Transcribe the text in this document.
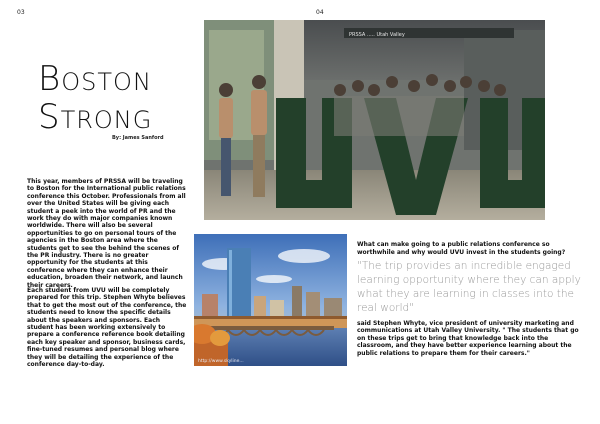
03	04
Boston
Strong
By: James Sanford
This year, members of PRSSA will be traveling to Boston for the International public relations conference this October. Professionals from all over the United States will be giving each student a peek into the world of PR and the work they do with major companies known worldwide. There will also be several opportunities to go on personal tours of the agencies in the Boston area where the students get to see the behind the scenes of the PR industry. There is no greater opportunity for the students at this conference where they can enhance their education, broaden their network, and launch their careers.
Each student from UVU will be completely prepared for this trip. Stephen Whyte believes that to get the most out of the conference, the students need to know the specific details about the speakers and sponsors. Each student has been working extensively to prepare a conference reference book detailing each key speaker and sponsor, business cards, fine-tuned resumes and personal blog where they will be detailing the experience of the conference day-to-day.
PRSSA ..... Utah Valley
http://www.skyline...
What can make going to a public relations conference so worthwhile and why would UVU invest in the students going?
"The trip provides an incredible engaged learning opportunity where they can apply what they are learning in classes into the real world"
said Stephen Whyte, vice president of university marketing and communications at Utah Valley University. " The students that go on these trips get to bring that knowledge back into the classroom, and they have better experience learning about the public relations to prepare them for their careers."
